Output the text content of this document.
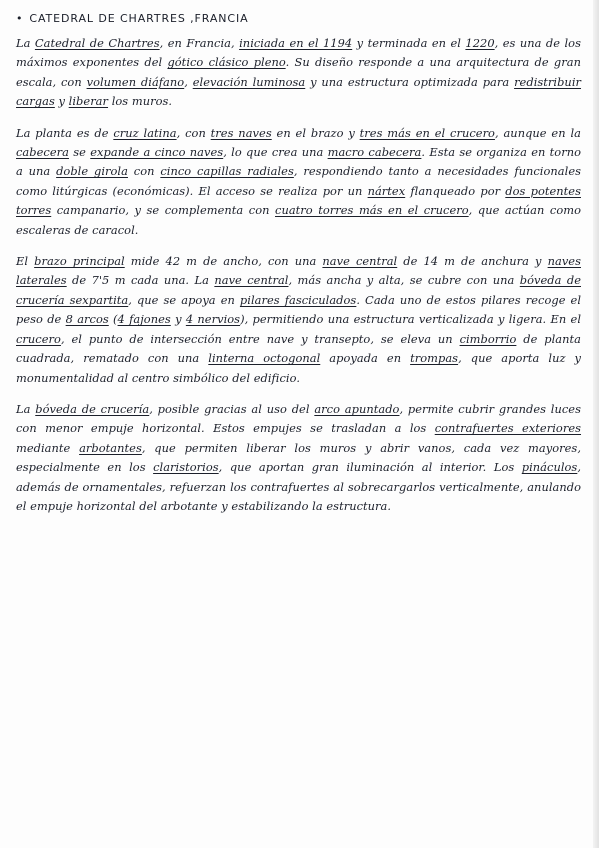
• CATEDRAL DE CHARTRES ,FRANCIA
La Catedral de Chartres, en Francia, iniciada en el 1194 y terminada en el 1220, es una de los máximos exponentes del gótico clásico pleno. Su diseño responde a una arquitectura de gran escala, con volumen diáfano, elevación luminosa y una estructura optimizada para redistribuir cargas y liberar los muros.
La planta es de cruz latina, con tres naves en el brazo y tres más en el crucero, aunque en la cabecera se expande a cinco naves, lo que crea una macro cabecera. Esta se organiza en torno a una doble girola con cinco capillas radiales, respondiendo tanto a necesidades funcionales como litúrgicas (económicas). El acceso se realiza por un nártex flanqueado por dos potentes torres campanario, y se complementa con cuatro torres más en el crucero, que actúan como escaleras de caracol.
El brazo principal mide 42 m de ancho, con una nave central de 14 m de anchura y naves laterales de 7'5 m cada una. La nave central, más ancha y alta, se cubre con una bóveda de crucería sexpartita, que se apoya en pilares fasciculados. Cada uno de estos pilares recoge el peso de 8 arcos (4 fajones y 4 nervios), permitiendo una estructura verticalizada y ligera. En el crucero, el punto de intersección entre nave y transepto, se eleva un cimborrio de planta cuadrada, rematado con una linterna octogonal apoyada en trompas, que aporta luz y monumentalidad al centro simbólico del edificio.
La bóveda de crucería, posible gracias al uso del arco apuntado, permite cubrir grandes luces con menor empuje horizontal. Estos empujes se trasladan a los contrafuertes exteriores mediante arbotantes, que permiten liberar los muros y abrir vanos, cada vez mayores, especialmente en los claristorios, que aportan gran iluminación al interior. Los pináculos, además de ornamentales, refuerzan los contrafuertes al sobrecargarlos verticalmente, anulando el empuje horizontal del arbotante y estabilizando la estructura.
